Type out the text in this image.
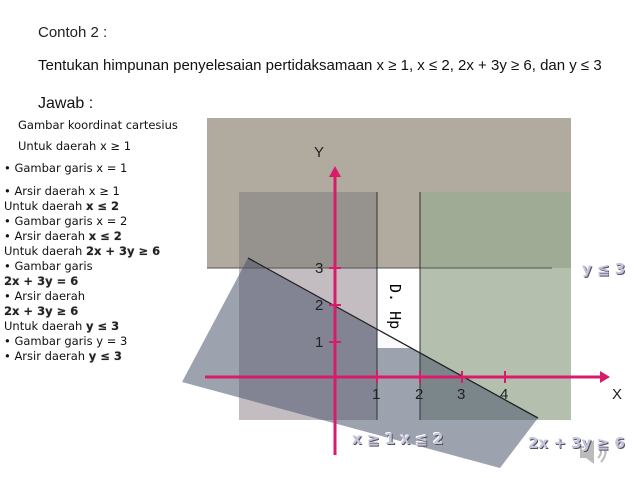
Contoh 2 :
Tentukan himpunan penyelesaian pertidaksamaan x ≥ 1, x ≤ 2, 2x + 3y ≥ 6, dan y ≤ 3
Jawab :
Gambar koordinat cartesius
Untuk daerah x ≥ 1
• Gambar garis x = 1
• Arsir daerah x ≥ 1
Untuk daerah x ≤ 2
• Gambar garis x = 2
• Arsir daerah x ≤ 2
Untuk daerah 2x + 3y ≥ 6
• Gambar garis
2x + 3y = 6
• Arsir daerah
2x + 3y ≥ 6
Untuk daerah y ≤ 3
• Gambar garis y = 3
• Arsir daerah y ≤ 3
Y
X
1 2 3 4
1
2
3
D. Hp
y ≦ 3
x ≧ 1 x ≦ 2	2x + 3y ≧ 6
